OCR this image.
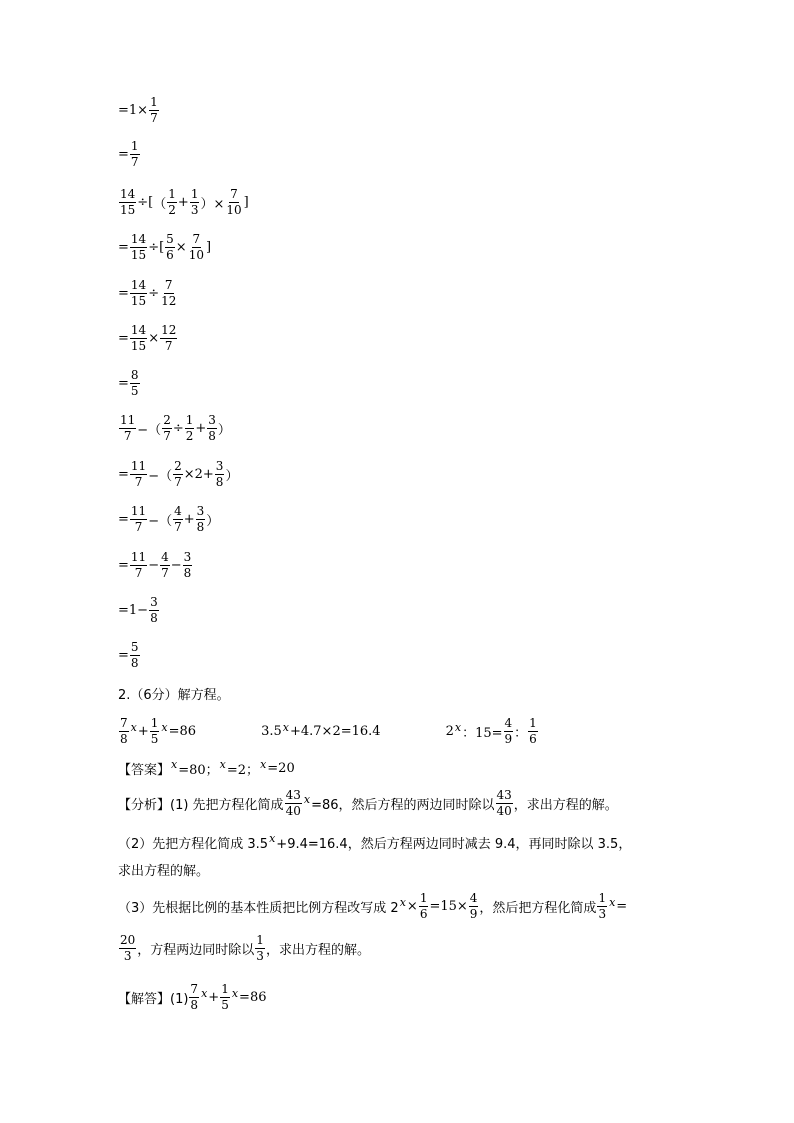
= $1\times \frac{1}{7}$
= $\frac{1}{7}$
$\frac{14}{15}$ ÷[ （ $\frac{1}{2} + \frac{1}{3}$ ）× $\frac{7}{10}$ ]
= $\frac{14}{15}$ ÷[ $\frac{5}{6} \times \frac{7}{10}$ ]
= $\frac{14}{15} \div \frac{7}{12}$
= $\frac{14}{15} \times \frac{12}{7}$
= $\frac{8}{5}$
$\frac{11}{7}$ −（ $\frac{2}{7} \div \frac{1}{2} + \frac{3}{8}$ ）
= $\frac{11}{7}$ −（ $\frac{2}{7} \times 2+ \frac{3}{8}$ ）
= $\frac{11}{7}$ −（ $\frac{4}{7} + \frac{3}{8}$ ）
= $\frac{11}{7} - \frac{4}{7} - \frac{3}{8}$
= $1- \frac{3}{8}$
= $\frac{5}{8}$
2.（6分）解方程。
$\frac{7}{8}$ $x + \frac{1}{5}$ x =86
　　　　　	3.5 x +4.7×2=16.4
　　　　　	2 x ：$15= \frac{4}{9}$ ： $\frac{1}{6}$
【答案】 x =80； x =2； x =20
【分析】(1) 先把方程化简成 $\frac{43}{40}$ x =86，然后方程的两边同时除以 $\frac{43}{40}$ ，求出方程的解。
（2）先把方程化简成 3.5 x +9.4=16.4，然后方程两边同时减去 9.4，再同时除以 3.5，
求出方程的解。
（3）先根据比例的基本性质把比例方程改写成 2 $x \times \frac{1}{6} =15\times \frac{4}{9}$ ，然后把方程化简成 $\frac{1}{3}$ x =
$\frac{20}{3}$ ，方程两边同时除以 $\frac{1}{3}$ ，求出方程的解。
【解答】$(1) \frac{7}{8}$ $x + \frac{1}{5}$ x =86
